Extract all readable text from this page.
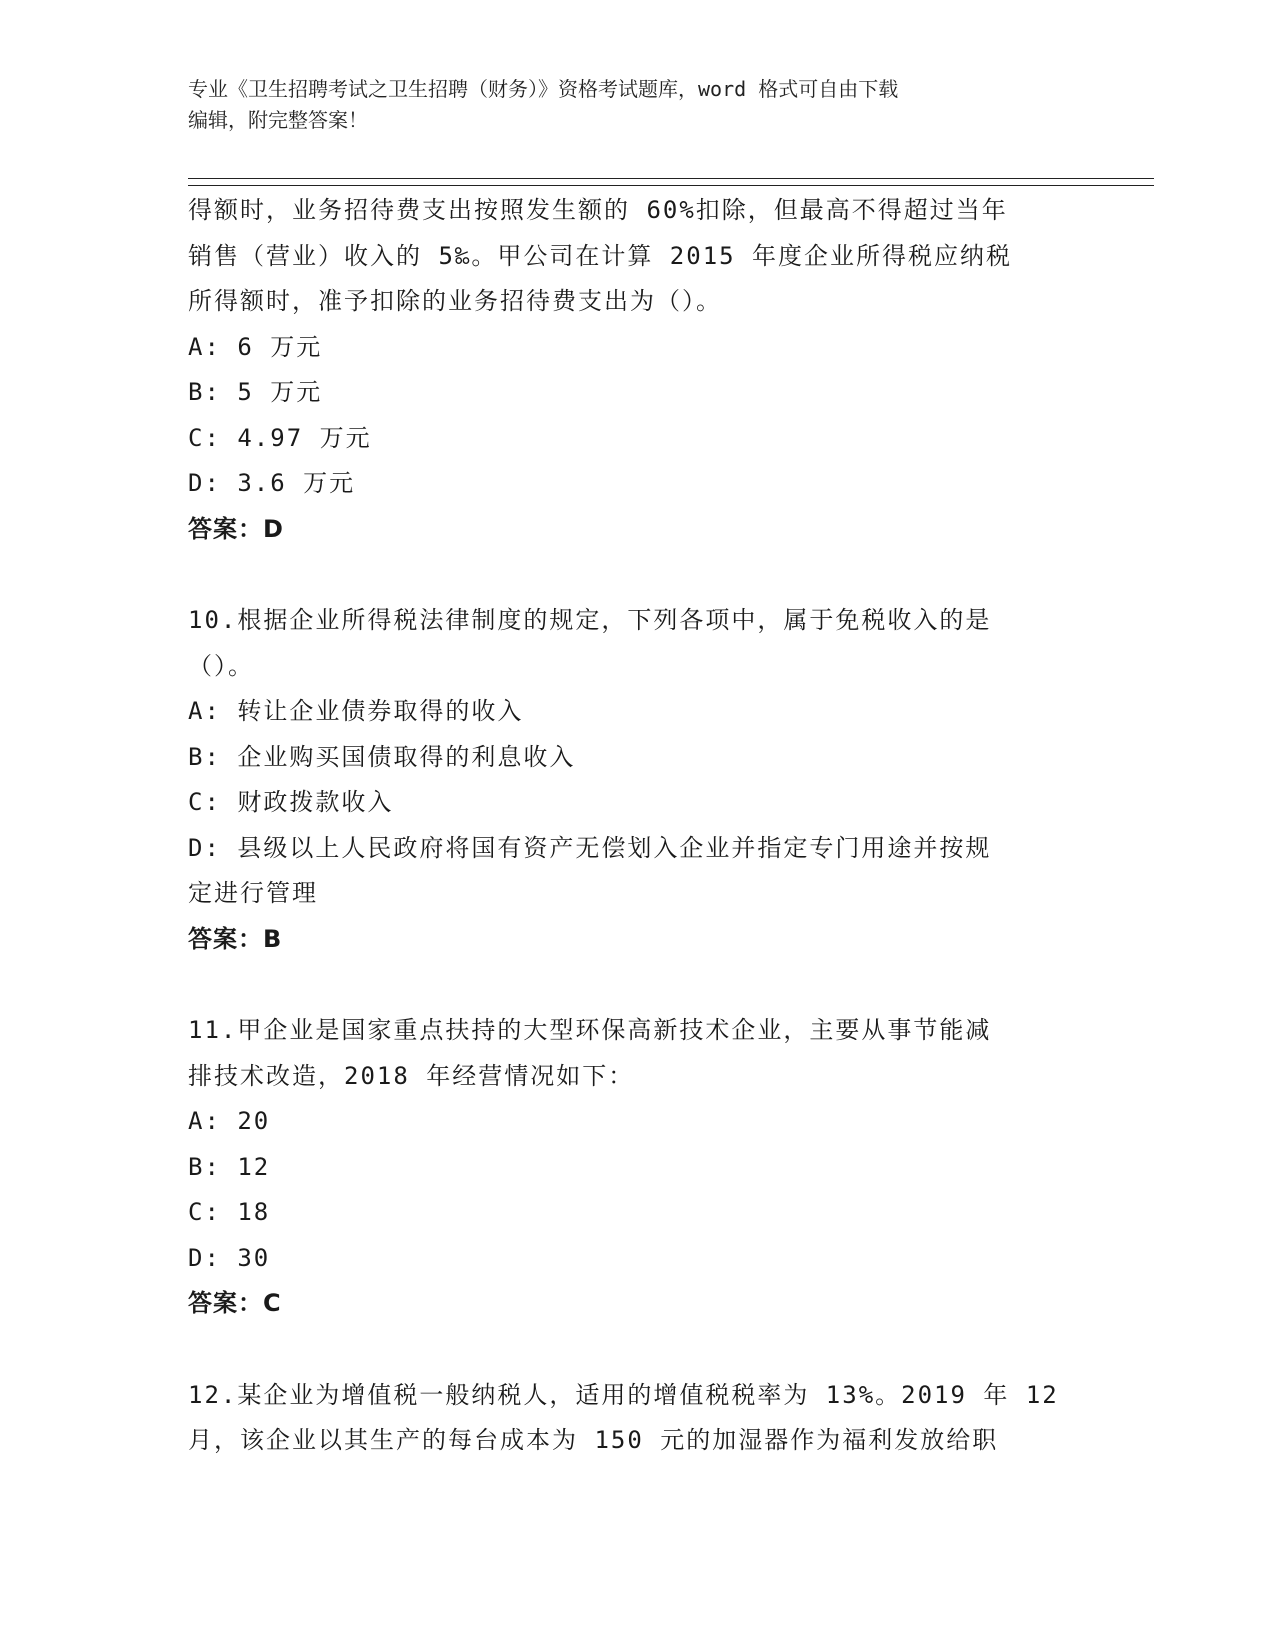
专业《卫生招聘考试之卫生招聘（财务）》资格考试题库，word 格式可自由下载
编辑，附完整答案！
得额时，业务招待费支出按照发生额的 60%扣除，但最高不得超过当年
销售（营业）收入的 5‰。甲公司在计算 2015 年度企业所得税应纳税
所得额时，准予扣除的业务招待费支出为（）。
A: 6 万元
B: 5 万元
C: 4.97 万元
D: 3.6 万元
答案：D
10.根据企业所得税法律制度的规定，下列各项中，属于免税收入的是
（）。
A: 转让企业债券取得的收入
B: 企业购买国债取得的利息收入
C: 财政拨款收入
D: 县级以上人民政府将国有资产无偿划入企业并指定专门用途并按规
定进行管理
答案：B
11.甲企业是国家重点扶持的大型环保高新技术企业，主要从事节能减
排技术改造，2018 年经营情况如下：
A: 20
B: 12
C: 18
D: 30
答案：C
12.某企业为增值税一般纳税人，适用的增值税税率为 13%。2019 年 12
月，该企业以其生产的每台成本为 150 元的加湿器作为福利发放给职
